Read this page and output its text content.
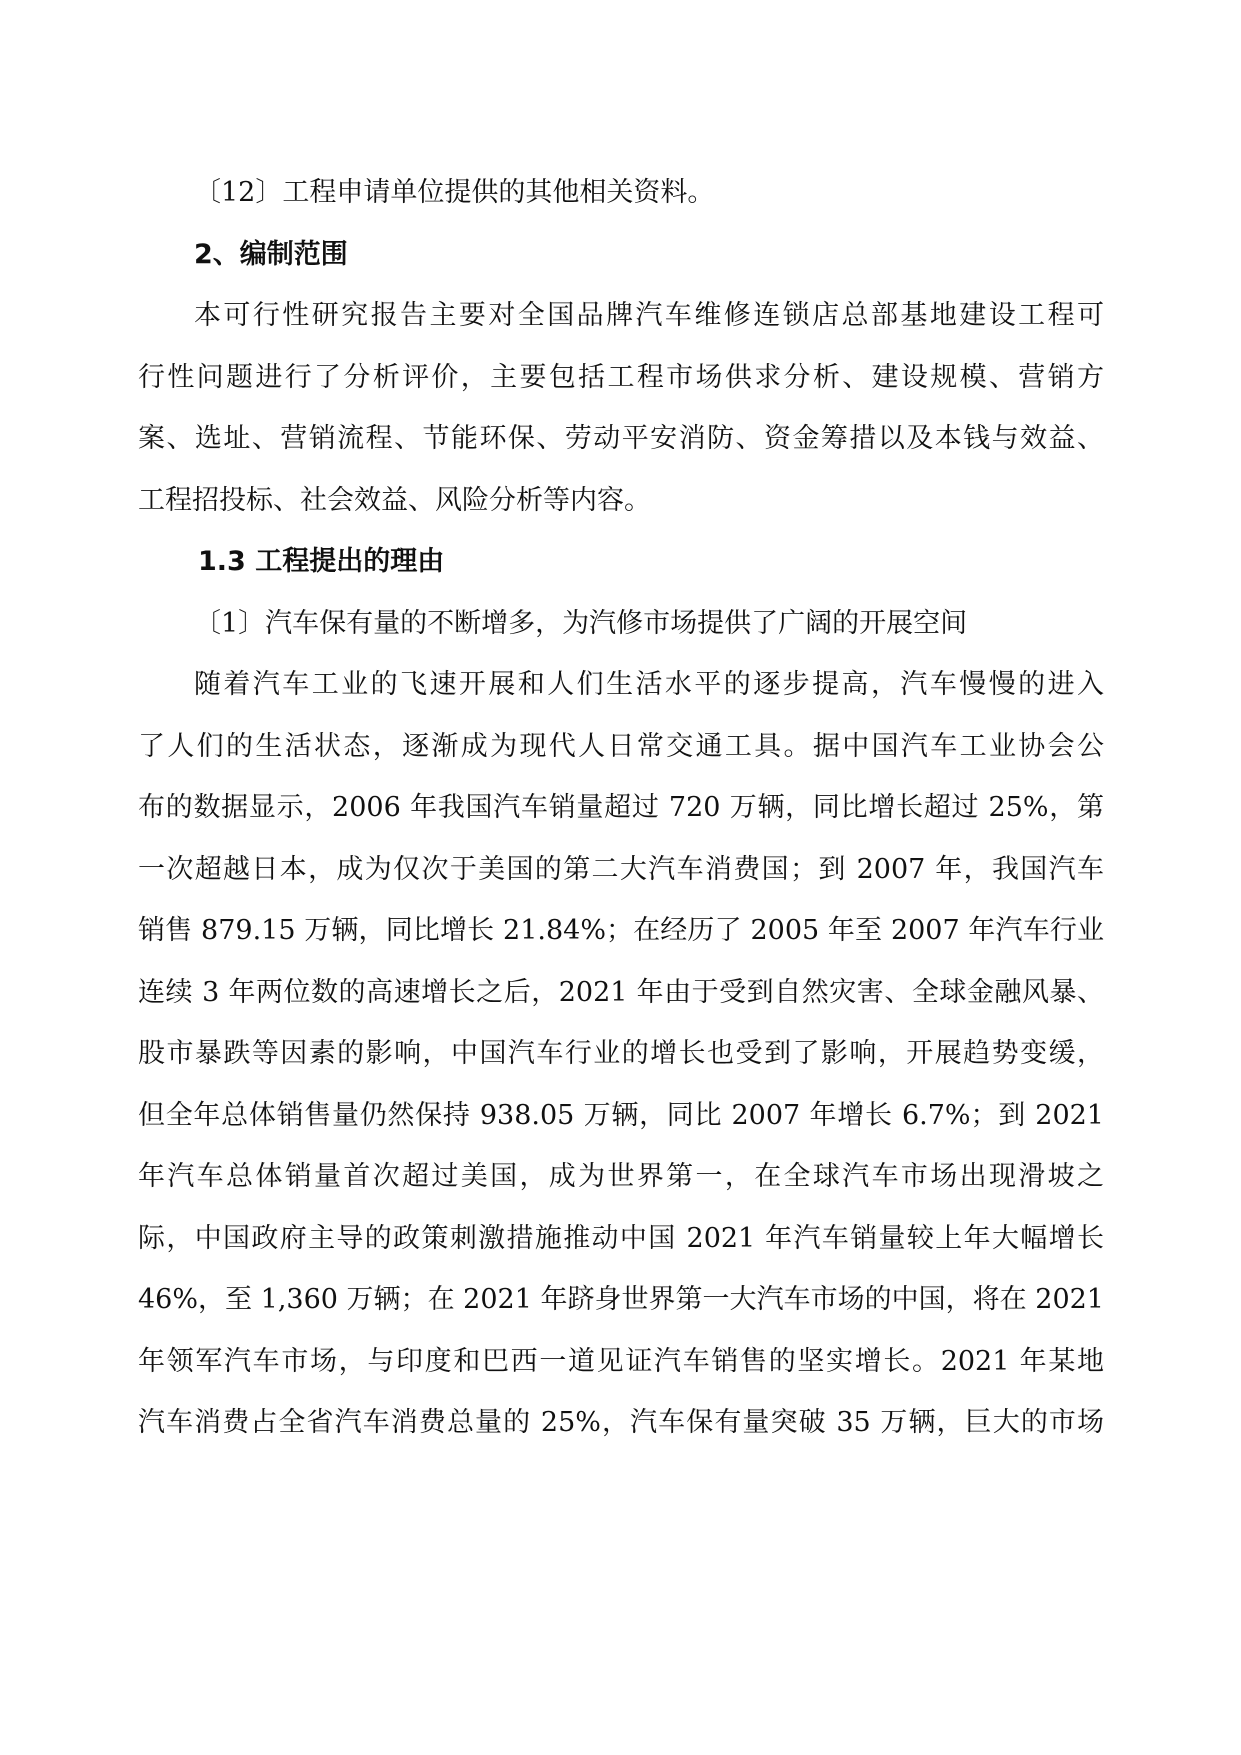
〔12〕工程申请单位提供的其他相关资料。
2、编制范围
本可行性研究报告主要对全国品牌汽车维修连锁店总部基地建设工程可
行性问题进行了分析评价，主要包括工程市场供求分析、建设规模、营销方
案、选址、营销流程、节能环保、劳动平安消防、资金筹措以及本钱与效益、
工程招投标、社会效益、风险分析等内容。
1.3 工程提出的理由
〔1〕汽车保有量的不断增多，为汽修市场提供了广阔的开展空间
随着汽车工业的飞速开展和人们生活水平的逐步提高，汽车慢慢的进入
了人们的生活状态，逐渐成为现代人日常交通工具。据中国汽车工业协会公
布的数据显示，2006 年我国汽车销量超过 720 万辆，同比增长超过 25%，第
一次超越日本，成为仅次于美国的第二大汽车消费国；到 2007 年，我国汽车
销售 879.15 万辆，同比增长 21.84%；在经历了 2005 年至 2007 年汽车行业
连续 3 年两位数的高速增长之后，2021 年由于受到自然灾害、全球金融风暴、
股市暴跌等因素的影响，中国汽车行业的增长也受到了影响，开展趋势变缓，
但全年总体销售量仍然保持 938.05 万辆，同比 2007 年增长 6.7%；到 2021
年汽车总体销量首次超过美国，成为世界第一，在全球汽车市场出现滑坡之
际，中国政府主导的政策刺激措施推动中国 2021 年汽车销量较上年大幅增长
46%，至 1,360 万辆；在 2021 年跻身世界第一大汽车市场的中国，将在 2021
年领军汽车市场，与印度和巴西一道见证汽车销售的坚实增长。2021 年某地
汽车消费占全省汽车消费总量的 25%，汽车保有量突破 35 万辆，巨大的市场
